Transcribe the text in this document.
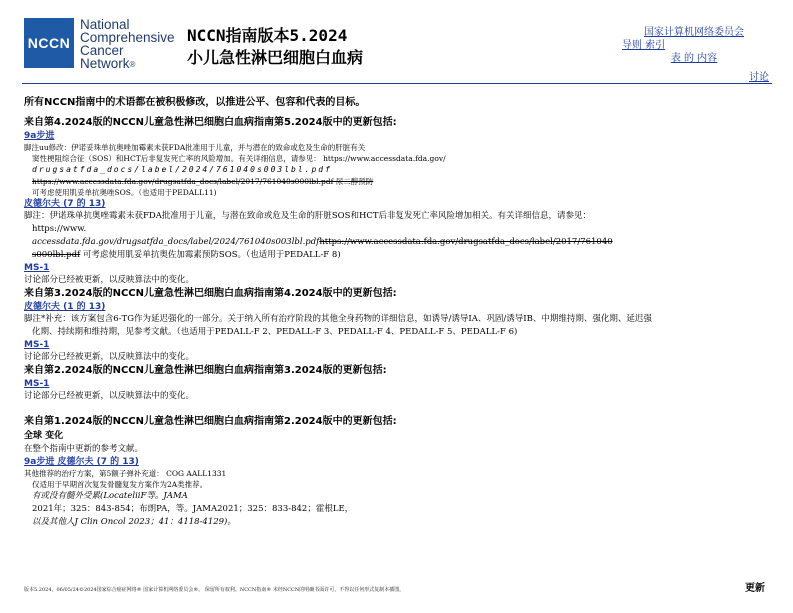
NCCN
National
Comprehensive
Cancer
Network®
NCCN指南版本5.2024
小儿急性淋巴细胞白血病
国家计算机网络委员会
导则 索引
表 的 内容
讨论
所有NCCN指南中的术语都在被积极修改，以推进公平、包容和代表的目标。
来自第4.2024版的NCCN儿童急性淋巴细胞白血病指南第5.2024版中的更新包括:
9a步进
脚注uu修改：伊诺妥珠单抗奥唑加霉素未获FDA批准用于儿童，并与潜在的致命或危及生命的肝脏有关
窦性梗阻综合征（SOS）和HCT后非复发死亡率的风险增加。有关详细信息，请参见： https://www.accessdata.fda.gov/
drugsatfda_docs/label/2024/761040s003lbl.pdf
https://www.accessdata.fda.gov/drugsatfda_docs/label/2017/761040s000lbl.pdf 尿二醇预防
可考虑使用肌妥单抗奥唑SOS。（也适用于PEDALL11)
皮德尔夫 (7 的 13)
脚注：伊诺珠单抗奥唑霉素未获FDA批准用于儿童，与潜在致命或危及生命的肝脏SOS和HCT后非复发死亡率风险增加相关。有关详细信息，请参见：
https://www.
accessdata.fda.gov/drugsatfda_docs/label/2024/761040s003lbl.pdfhttps://www.accessdata.fda.gov/drugsatfda_docs/label/2017/761040
s000lbl.pdf 可考虑使用肌妥单抗奥佐加霉素预防SOS。（也适用于PEDALL-F 8)
MS-1
讨论部分已经被更新，以反映算法中的变化。
来自第3.2024版的NCCN儿童急性淋巴细胞白血病指南第4.2024版中的更新包括:
皮德尔夫 (1 的 13)
脚注*补充：该方案包含6-TG作为延迟强化的一部分。关于纳入所有治疗阶段的其他全身药物的详细信息，如诱导/诱导IA、巩固/诱导IB、中期维持期、强化期、延迟强
化期、持续期和维持期，见参考文献。（也适用于PEDALL-F 2、PEDALL-F 3、PEDALL-F 4、PEDALL-F 5、PEDALL-F 6)
MS-1
讨论部分已经被更新，以反映算法中的变化。
来自第2.2024版的NCCN儿童急性淋巴细胞白血病指南第3.2024版的更新包括:
MS-1
讨论部分已经被更新，以反映算法中的变化。
来自第1.2024版的NCCN儿童急性淋巴细胞白血病指南第2.2024版中的更新包括:
全球 变化
在整个指南中更新的参考文献。
9a步进 皮德尔夫 (7 的 13)
其他推荐的治疗方案，第5额子弹补充道： COG AALL1331
仅适用于早期首次复发骨髓复发方案作为2A类推荐。
有或没有髓外受累(LocateliiF等。JAMA
2021年；325：843-854；布朗PA，等。JAMA2021；325：833-842；霍根LE，
以及其他人J Clin Oncol 2023；41：4118-4129)。
更新
版本5.2024，06/05/24©2024国家综合癌症网络® 国家计算机网络委员会®。 保留所有权利。NCCN指南® 未经NCCN的明确书面许可，不得以任何形式复制本插图。
